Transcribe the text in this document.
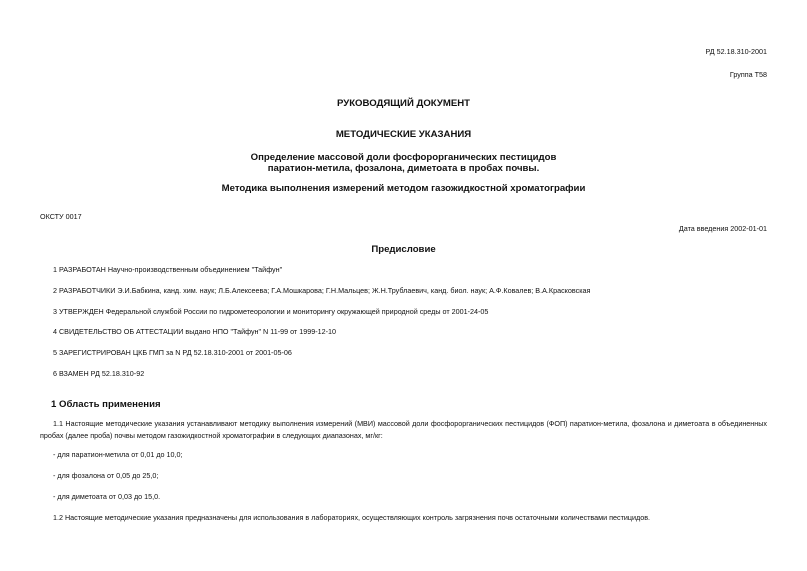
РД 52.18.310-2001
Группа Т58
РУКОВОДЯЩИЙ ДОКУМЕНТ
МЕТОДИЧЕСКИЕ УКАЗАНИЯ
Определение массовой доли фосфорорганических пестицидов
паратион-метила, фозалона, диметоата в пробах почвы.
Методика выполнения измерений методом газожидкостной хроматографии
ОКСТУ 0017
Дата введения 2002-01-01
Предисловие
1 РАЗРАБОТАН Научно-производственным объединением "Тайфун"
2 РАЗРАБОТЧИКИ Э.И.Бабкина, канд. хим. наук; Л.Б.Алексеева; Г.А.Мошкарова; Г.Н.Мальцев; Ж.Н.Трублаевич, канд. биол. наук; А.Ф.Ковалев; В.А.Красковская
3 УТВЕРЖДЕН Федеральной службой России по гидрометеорологии и мониторингу окружающей природной среды от 2001-24-05
4 СВИДЕТЕЛЬСТВО ОБ АТТЕСТАЦИИ выдано НПО "Тайфун" N 11-99 от 1999-12-10
5 ЗАРЕГИСТРИРОВАН ЦКБ ГМП за N РД 52.18.310-2001 от 2001-05-06
6 ВЗАМЕН РД 52.18.310-92
1 Область применения
1.1 Настоящие методические указания устанавливают методику выполнения измерений (МВИ) массовой доли фосфорорганических пестицидов (ФОП) паратион-метила, фозалона и диметоата в объединенных пробах (далее проба) почвы методом газожидкостной хроматографии в следующих диапазонах, мг/кг:
- для паратион-метила от 0,01 до 10,0;
- для фозалона от 0,05 до 25,0;
- для диметоата от 0,03 до 15,0.
1.2 Настоящие методические указания предназначены для использования в лабораториях, осуществляющих контроль загрязнения почв остаточными количествами пестицидов.
